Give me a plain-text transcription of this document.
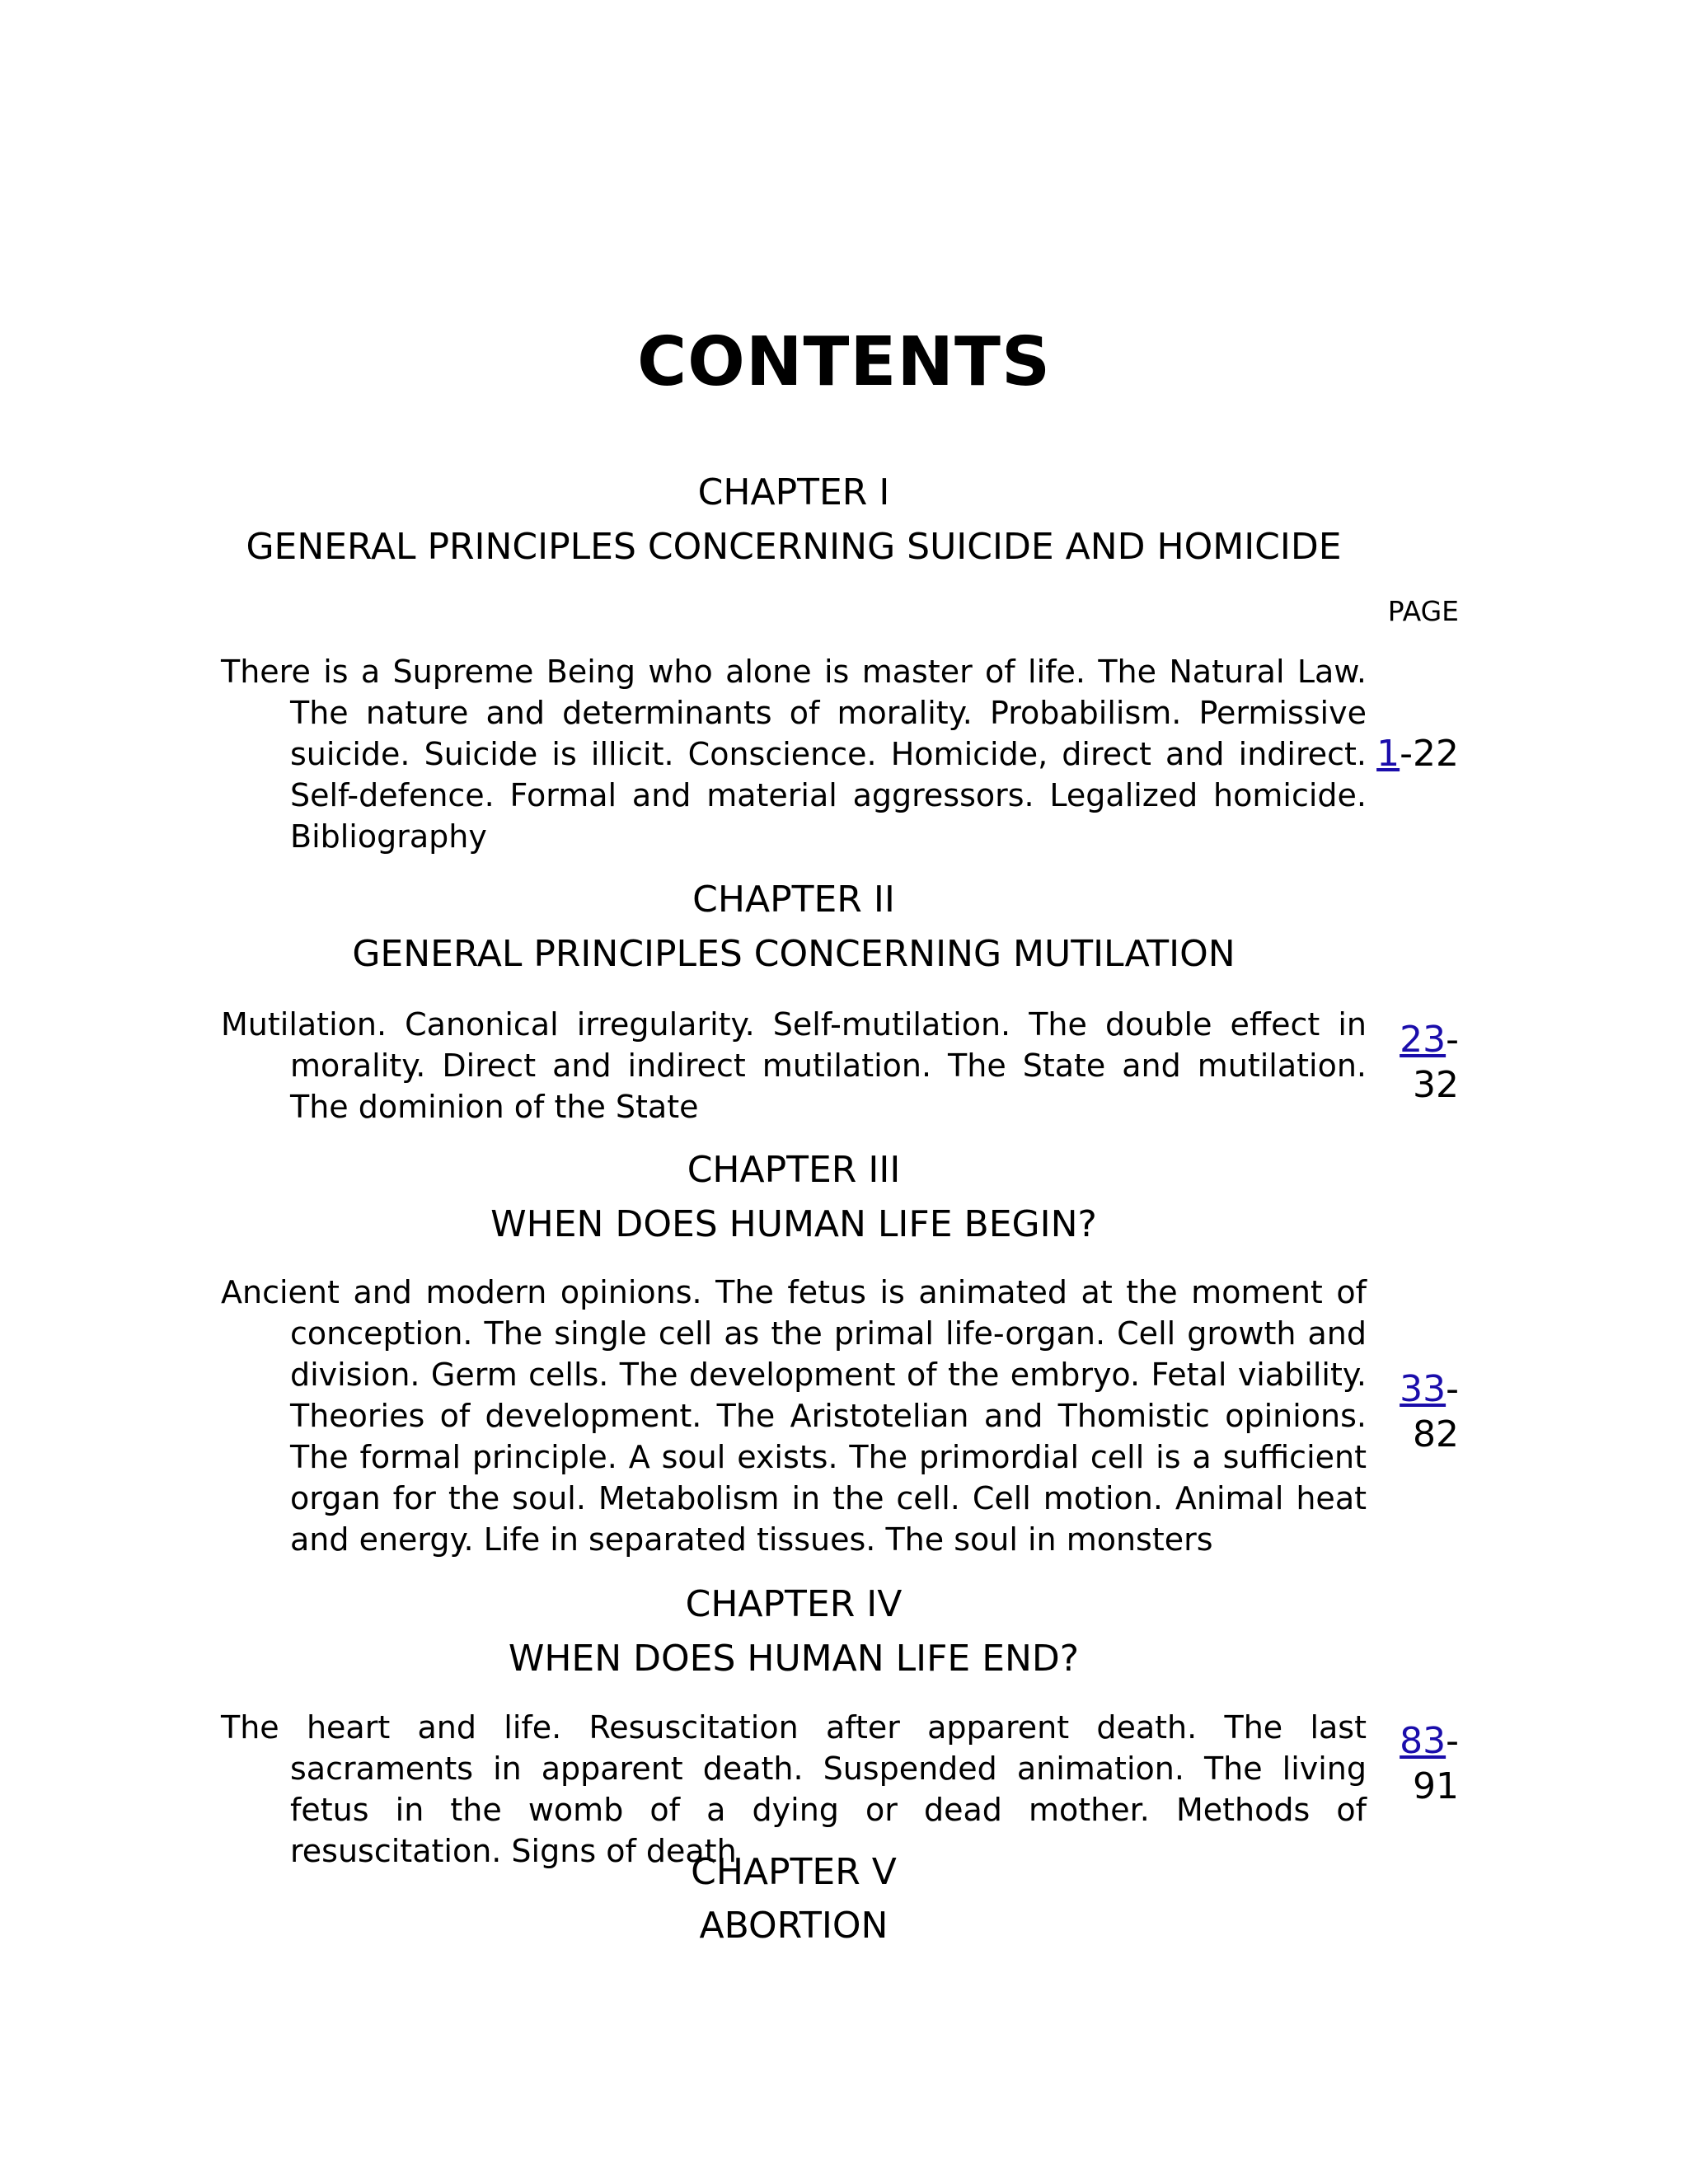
CONTENTS
CHAPTER I
GENERAL PRINCIPLES CONCERNING SUICIDE AND HOMICIDE
PAGE

There is a Supreme Being who alone is master of life. The Natural Law. The nature and determinants of morality. Probabilism. Permissive suicide. Suicide is illicit. Conscience. Homicide, direct and indirect. Self-defence. Formal and material aggressors. Legalized homicide. Bibliography

1-22
CHAPTER II
GENERAL PRINCIPLES CONCERNING MUTILATION

Mutilation. Canonical irregularity. Self-mutilation. The double effect in morality. Direct and indirect mutilation. The State and mutilation. The dominion of the State

23-
32
CHAPTER III
WHEN DOES HUMAN LIFE BEGIN?

Ancient and modern opinions. The fetus is animated at the moment of conception. The single cell as the primal life-organ. Cell growth and division. Germ cells. The development of the embryo. Fetal viability. Theories of development. The Aristotelian and Thomistic opinions. The formal principle. A soul exists. The primordial cell is a sufficient organ for the soul. Metabolism in the cell. Cell motion. Animal heat and energy. Life in separated tissues. The soul in monsters

33-
82
CHAPTER IV
WHEN DOES HUMAN LIFE END?

The heart and life. Resuscitation after apparent death. The last sacraments in apparent death. Suspended animation. The living fetus in the womb of a dying or dead mother. Methods of resuscitation. Signs of death

83-
91
CHAPTER V
ABORTION
